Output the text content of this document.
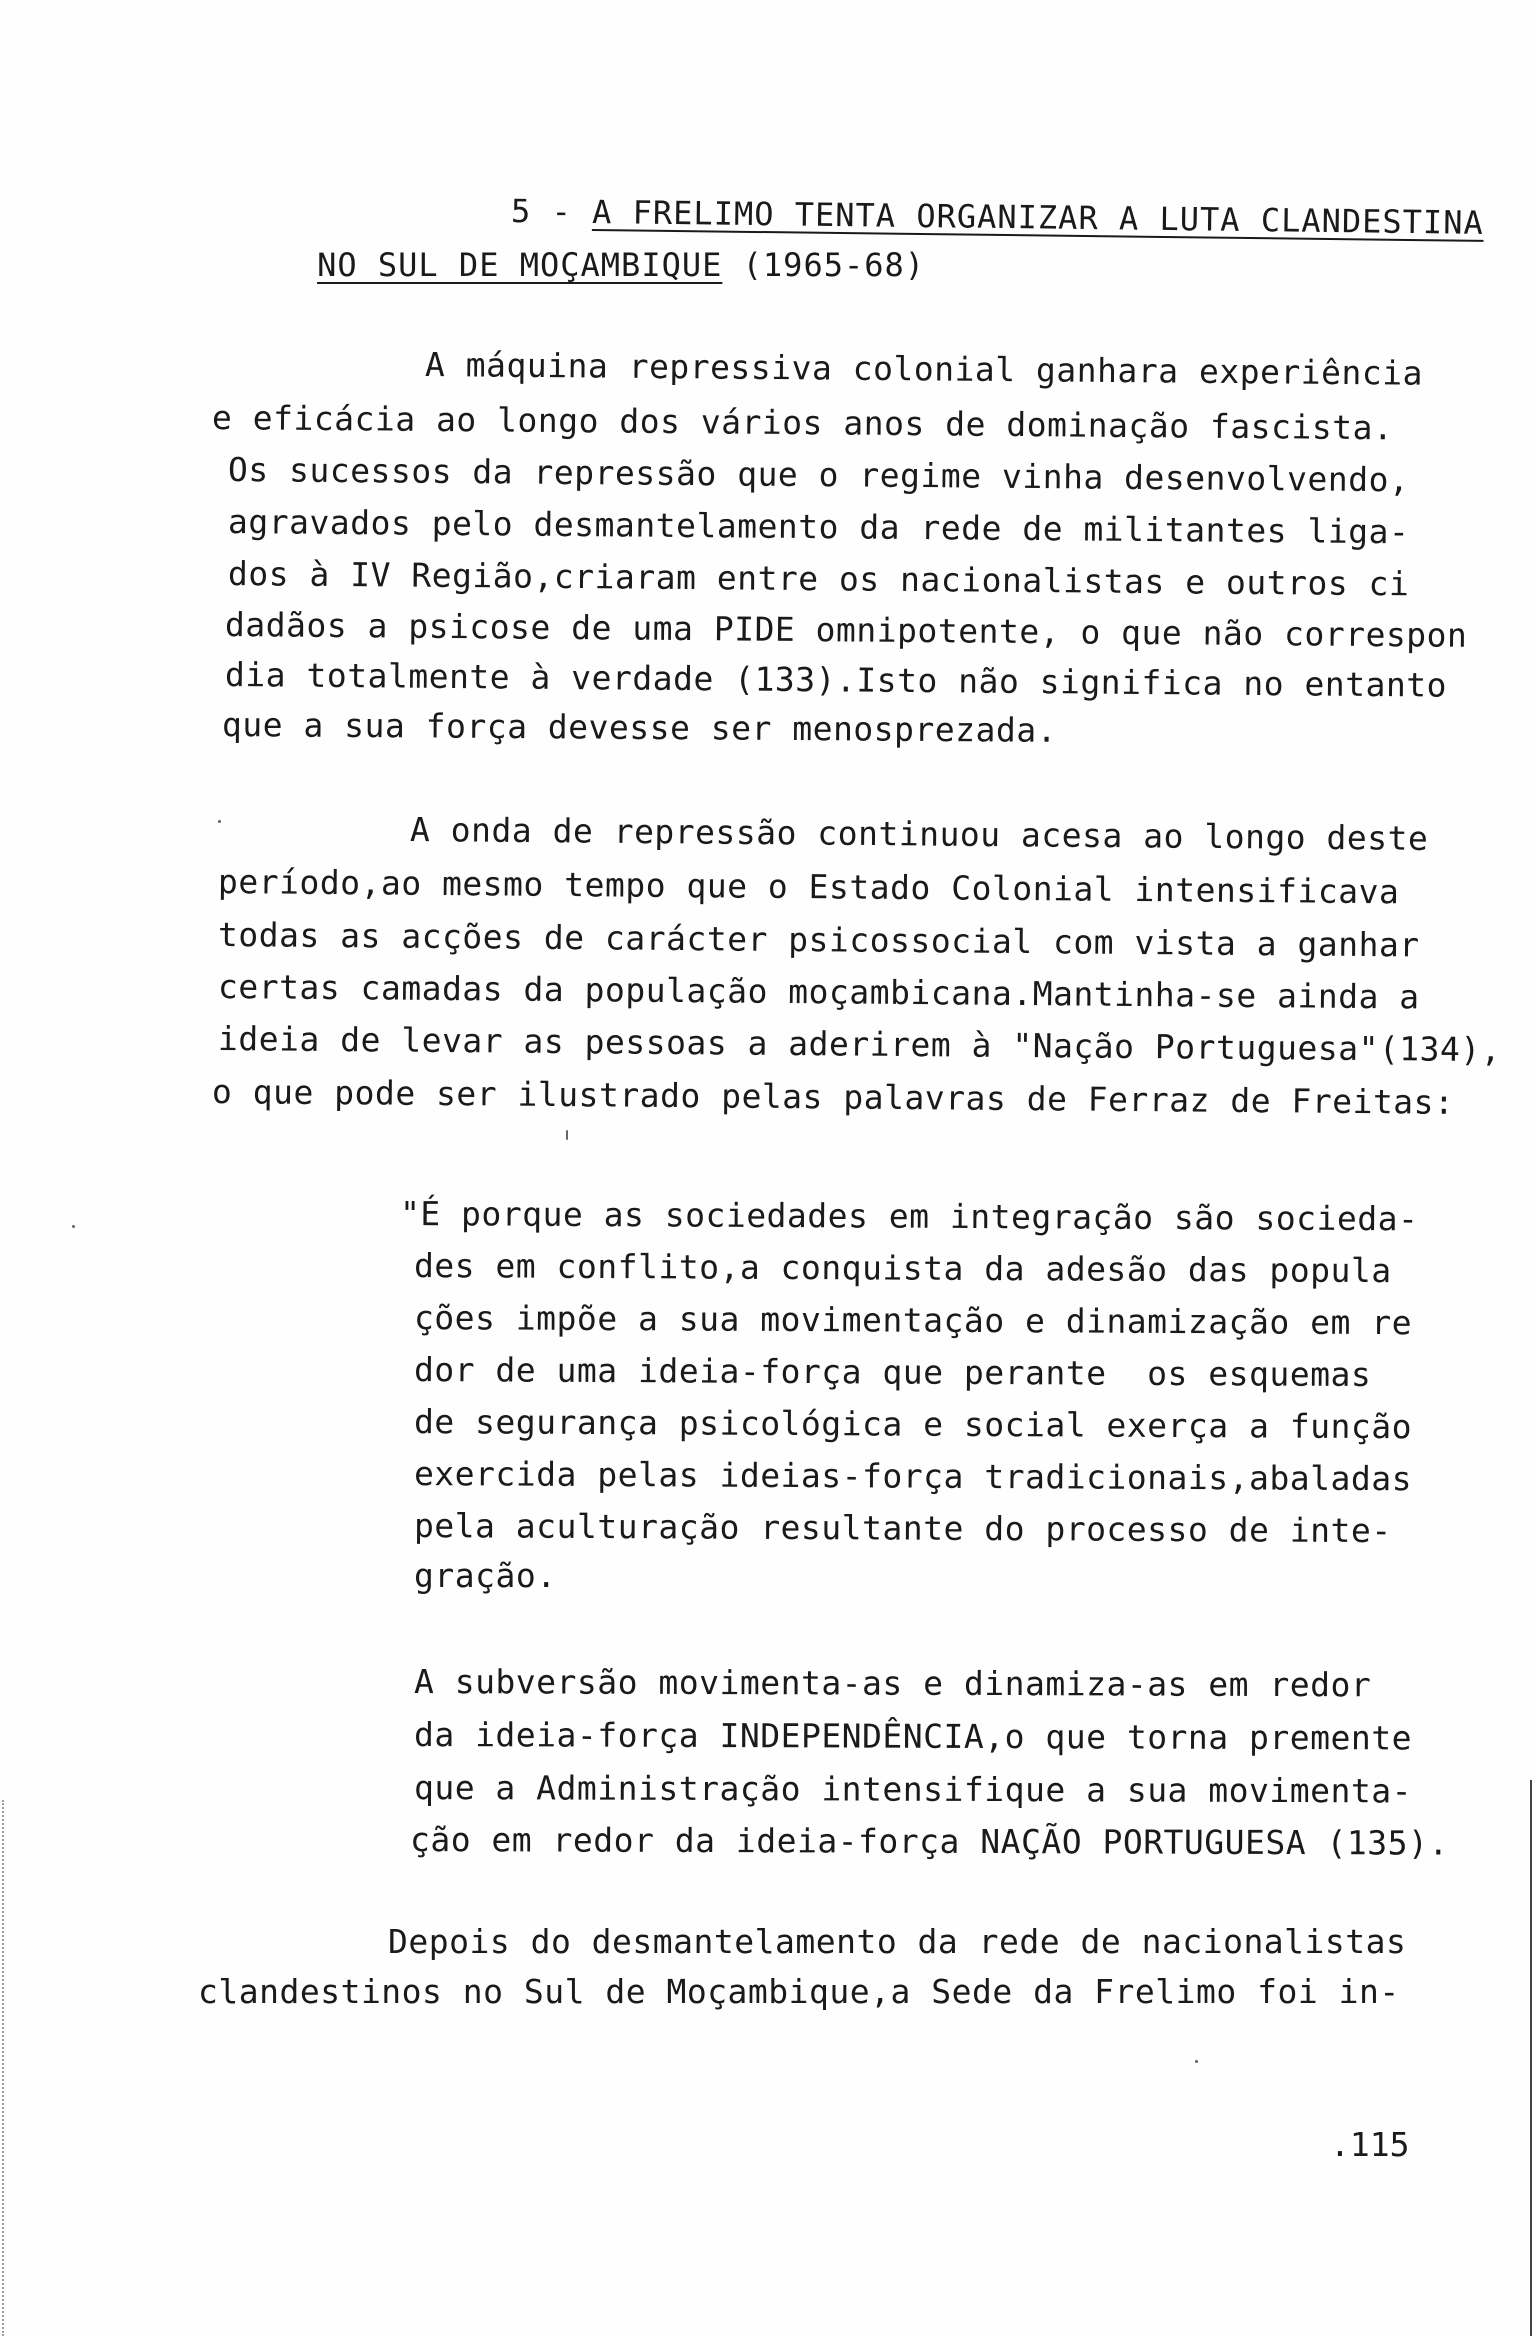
5 - A FRELIMO TENTA ORGANIZAR A LUTA CLANDESTINA

NO SUL DE MOÇAMBIQUE (1965-68)

A máquina repressiva colonial ganhara experiência
e eficácia ao longo dos vários anos de dominação fascista.
Os sucessos da repressão que o regime vinha desenvolvendo,
agravados pelo desmantelamento da rede de militantes liga-
dos à IV Região,criaram entre os nacionalistas e outros ci
dadãos a psicose de uma PIDE omnipotente, o que não correspon
dia totalmente à verdade (133).Isto não significa no entanto
que a sua força devesse ser menosprezada.
A onda de repressão continuou acesa ao longo deste
período,ao mesmo tempo que o Estado Colonial intensificava
todas as acções de carácter psicossocial com vista a ganhar
certas camadas da população moçambicana.Mantinha-se ainda a
ideia de levar as pessoas a aderirem à "Nação Portuguesa"(134),
o que pode ser ilustrado pelas palavras de Ferraz de Freitas:
"É porque as sociedades em integração são socieda-
des em conflito,a conquista da adesão das popula
ções impõe a sua movimentação e dinamização em re
dor de uma ideia-força que perante  os esquemas
de segurança psicológica e social exerça a função
exercida pelas ideias-força tradicionais,abaladas
pela aculturação resultante do processo de inte-
gração.
A subversão movimenta-as e dinamiza-as em redor
da ideia-força INDEPENDÊNCIA,o que torna premente
que a Administração intensifique a sua movimenta-
ção em redor da ideia-força NAÇÃO PORTUGUESA (135).
Depois do desmantelamento da rede de nacionalistas
clandestinos no Sul de Moçambique,a Sede da Frelimo foi in-
.115
